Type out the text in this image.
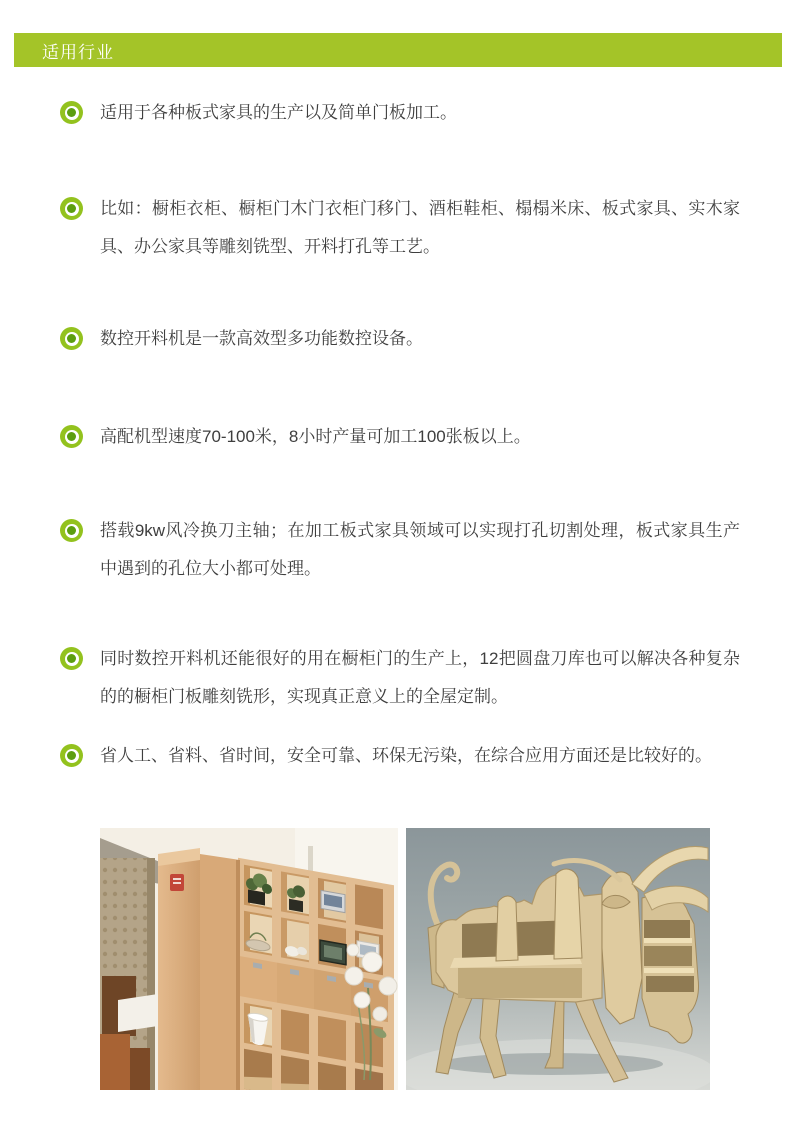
适用行业

适用于各种板式家具的生产以及简单门板加工。

比如：橱柜衣柜、橱柜门木门衣柜门移门、酒柜鞋柜、榻榻米床、板式家具、实木家具、办公家具等雕刻铣型、开料打孔等工艺。

数控开料机是一款高效型多功能数控设备。

高配机型速度70-100米，8小时产量可加工100张板以上。

搭载9kw风冷换刀主轴；在加工板式家具领域可以实现打孔切割处理，板式家具生产中遇到的孔位大小都可处理。

同时数控开料机还能很好的用在橱柜门的生产上，12把圆盘刀库也可以解决各种复杂的的橱柜门板雕刻铣形，实现真正意义上的全屋定制。

省人工、省料、省时间，安全可靠、环保无污染，在综合应用方面还是比较好的。
